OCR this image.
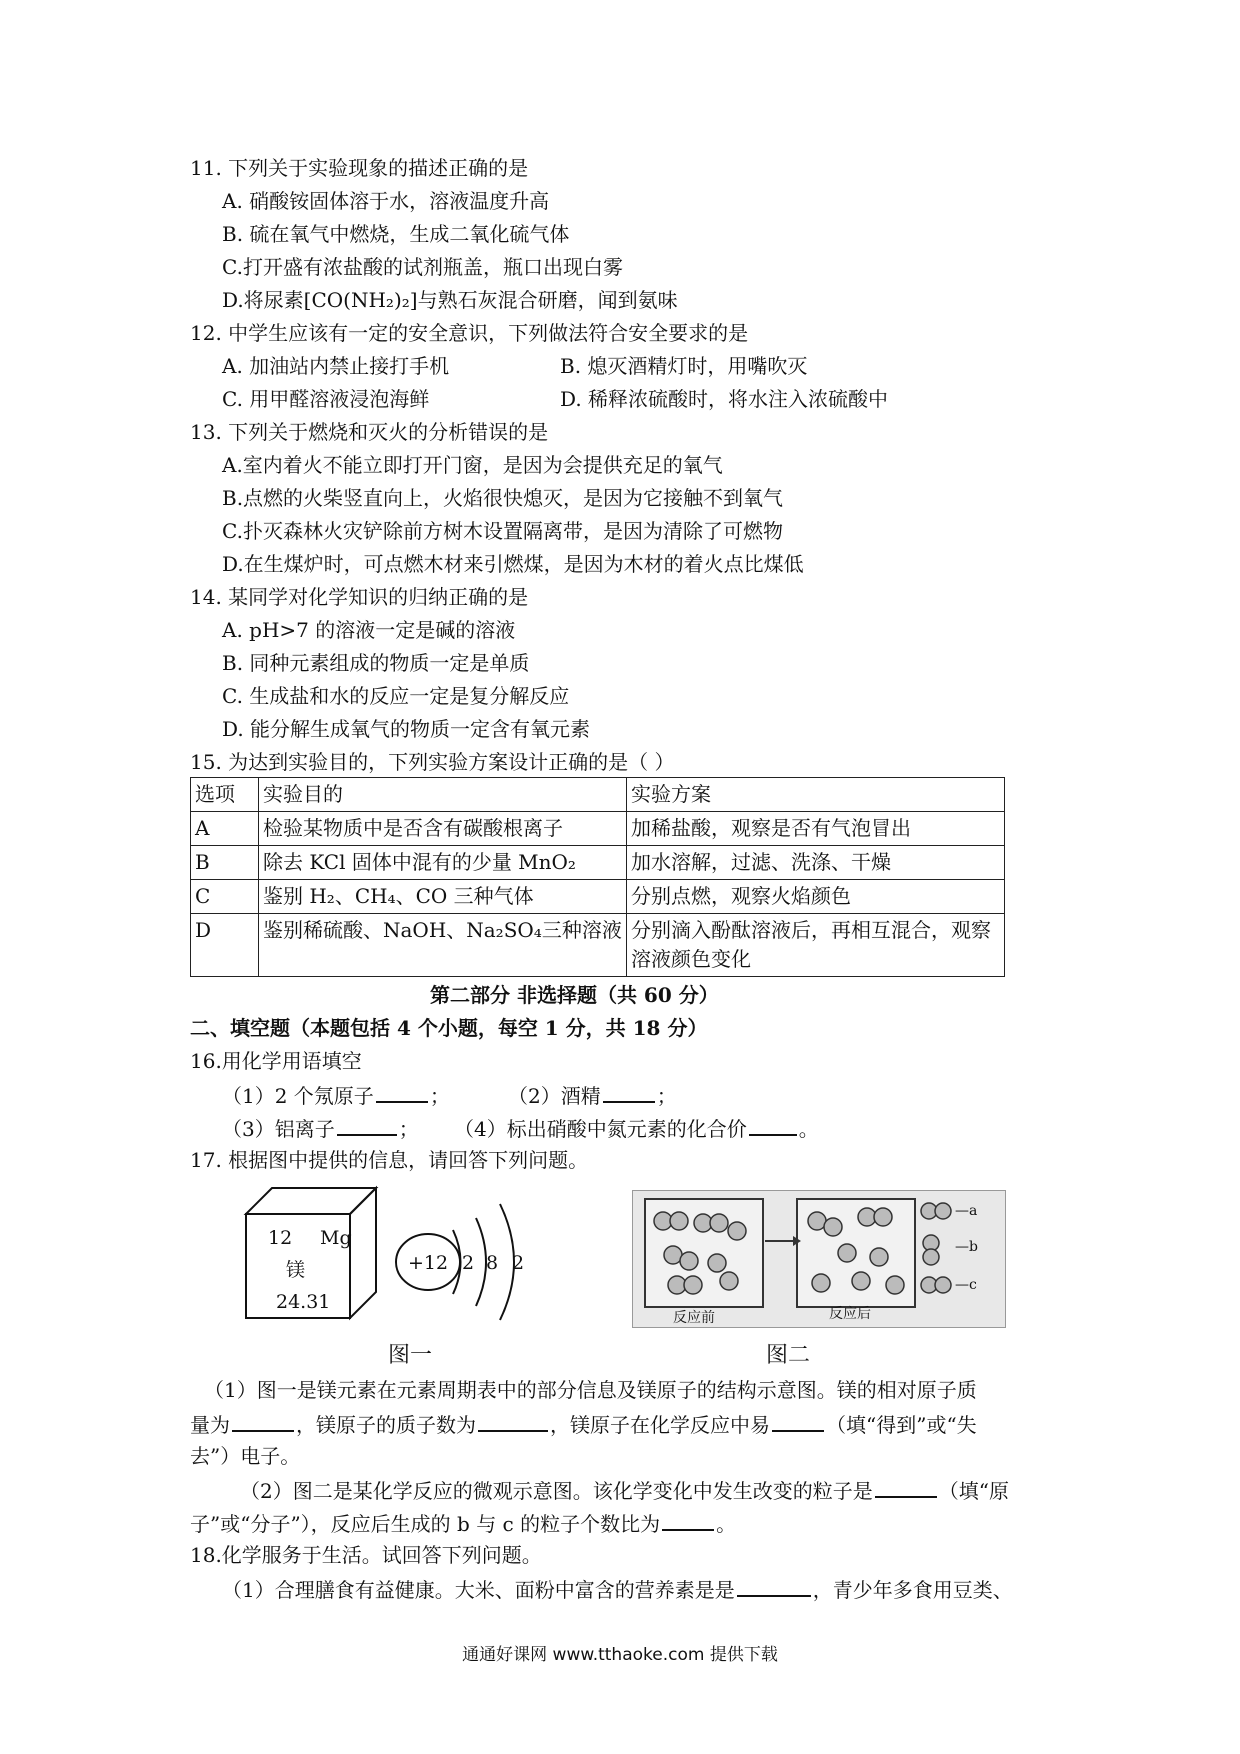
11. 下列关于实验现象的描述正确的是
A. 硝酸铵固体溶于水，溶液温度升高
B. 硫在氧气中燃烧，生成二氧化硫气体
C.打开盛有浓盐酸的试剂瓶盖，瓶口出现白雾
D.将尿素[CO(NH₂)₂]与熟石灰混合研磨，闻到氨味
12. 中学生应该有一定的安全意识，下列做法符合安全要求的是
A. 加油站内禁止接打手机	B. 熄灭酒精灯时，用嘴吹灭
C. 用甲醛溶液浸泡海鲜	D. 稀释浓硫酸时，将水注入浓硫酸中
13. 下列关于燃烧和灭火的分析错误的是
A.室内着火不能立即打开门窗，是因为会提供充足的氧气
B.点燃的火柴竖直向上，火焰很快熄灭，是因为它接触不到氧气
C.扑灭森林火灾铲除前方树木设置隔离带，是因为清除了可燃物
D.在生煤炉时，可点燃木材来引燃煤，是因为木材的着火点比煤低
14. 某同学对化学知识的归纳正确的是
A. pH>7 的溶液一定是碱的溶液
B. 同种元素组成的物质一定是单质
C. 生成盐和水的反应一定是复分解反应
D. 能分解生成氧气的物质一定含有氧元素
15. 为达到实验目的，下列实验方案设计正确的是（ ）
选项	实验目的	实验方案
A	检验某物质中是否含有碳酸根离子	加稀盐酸，观察是否有气泡冒出
B	除去 KCl 固体中混有的少量 MnO₂	加水溶解，过滤、洗涤、干燥
C	鉴别 H₂、CH₄、CO 三种气体	分别点燃，观察火焰颜色
D	鉴别稀硫酸、NaOH、Na₂SO₄三种溶液	分别滴入酚酞溶液后，再相互混合，观察溶液颜色变化
第二部分 非选择题（共 60 分）
二、填空题（本题包括 4 个小题，每空 1 分，共 18 分）
16.用化学用语填空
（1）2 个氖原子	；	（2）酒精	；
（3）铝离子	； （4）标出硝酸中氮元素的化合价	。
17. 根据图中提供的信息，请回答下列问题。
12 Mg
镁
24.31
+12 2 8 2
反应前	反应后
—a
—b
—c
图一	图二
（1）图一是镁元素在元素周期表中的部分信息及镁原子的结构示意图。镁的相对原子质
量为	，镁原子的质子数为	，镁原子在化学反应中易	（填“得到”或“失
去”）电子。
（2）图二是某化学反应的微观示意图。该化学变化中发生改变的粒子是	（填“原
子”或“分子”），反应后生成的 b 与 c 的粒子个数比为	。
18.化学服务于生活。试回答下列问题。
（1）合理膳食有益健康。大米、面粉中富含的营养素是是	，青少年多食用豆类、
通通好课网 www.tthaoke.com 提供下载
